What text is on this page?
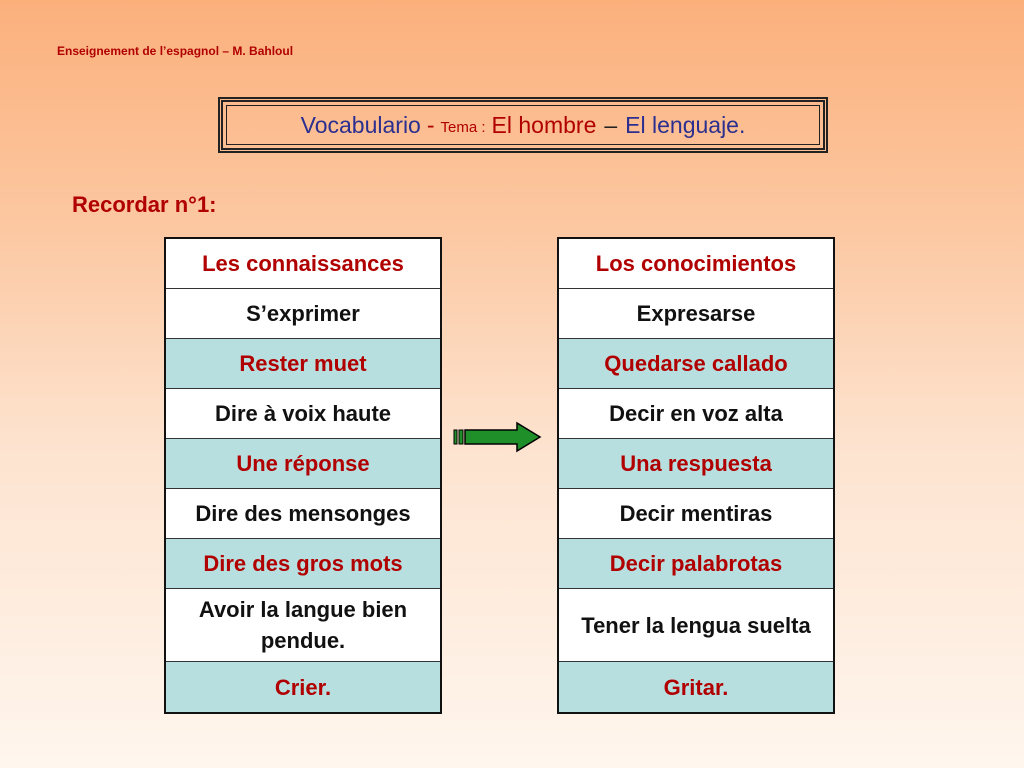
Enseignement de l’espagnol – M. Bahloul
Vocabulario - Tema : El hombre – El lenguaje.
Recordar n°1:
Les connaissances
S’exprimer
Rester muet
Dire à voix haute
Une réponse
Dire des mensonges
Dire des gros mots
Avoir la langue bien pendue.
Crier.
Los conocimientos
Expresarse
Quedarse callado
Decir en voz alta
Una respuesta
Decir mentiras
Decir palabrotas
Tener la lengua suelta
Gritar.
